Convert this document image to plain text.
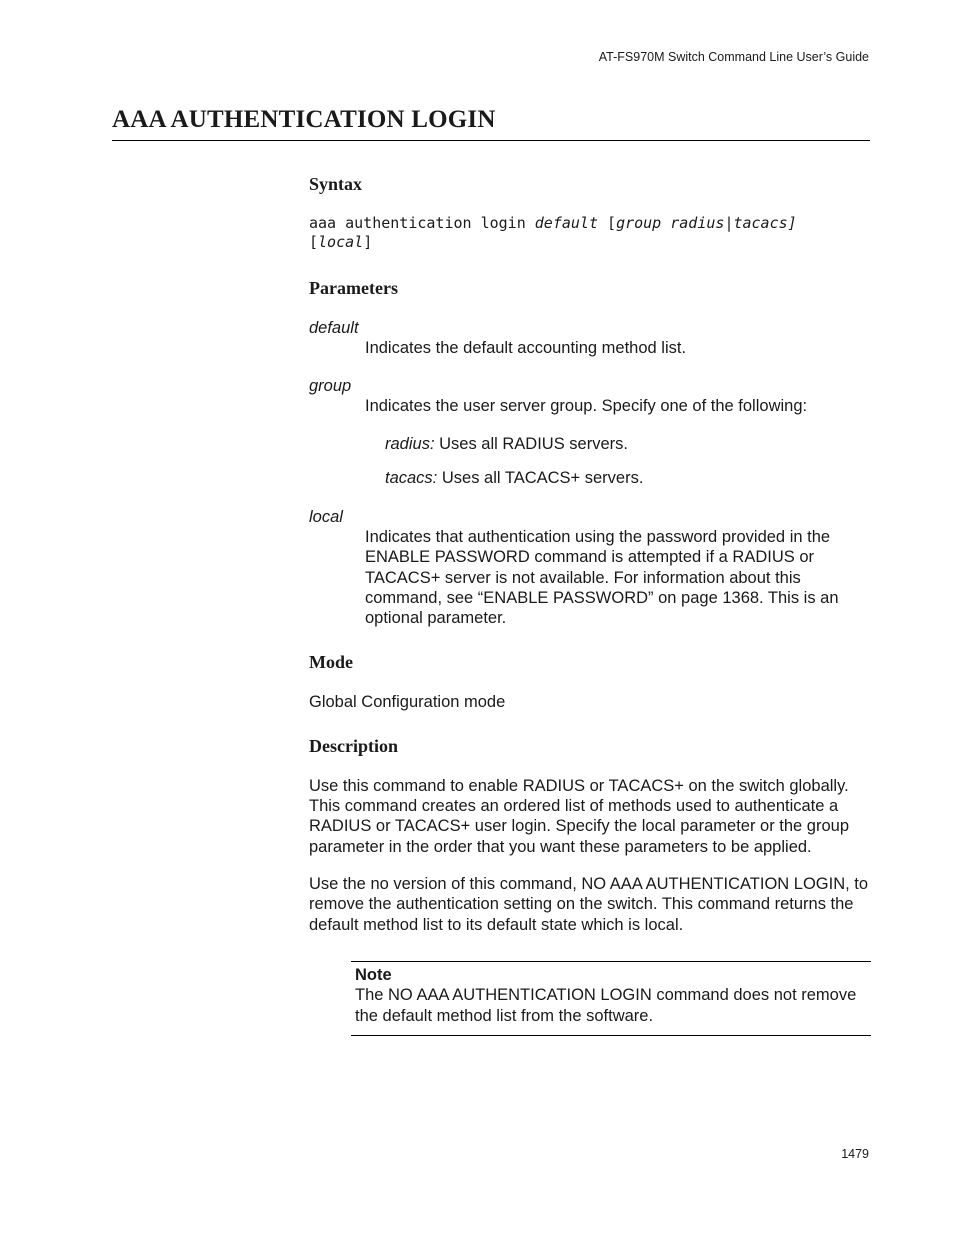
AT-FS970M Switch Command Line User’s Guide
AAA AUTHENTICATION LOGIN
Syntax
aaa authentication login default [group radius|tacacs]
[local]
Parameters

default

Indicates the default accounting method list.

group

Indicates the user server group. Specify one of the following:

radius: Uses all RADIUS servers.

tacacs: Uses all TACACS+ servers.

local

Indicates that authentication using the password provided in the ENABLE PASSWORD command is attempted if a RADIUS or TACACS+ server is not available. For information about this command, see “ENABLE PASSWORD” on page 1368. This is an optional parameter.

Mode

Global Configuration mode

Description

Use this command to enable RADIUS or TACACS+ on the switch globally. This command creates an ordered list of methods used to authenticate a RADIUS or TACACS+ user login. Specify the local parameter or the group parameter in the order that you want these parameters to be applied.

Use the no version of this command, NO AAA AUTHENTICATION LOGIN, to remove the authentication setting on the switch. This command returns the default method list to its default state which is local.

Note

The NO AAA AUTHENTICATION LOGIN command does not remove the default method list from the software.

1479
